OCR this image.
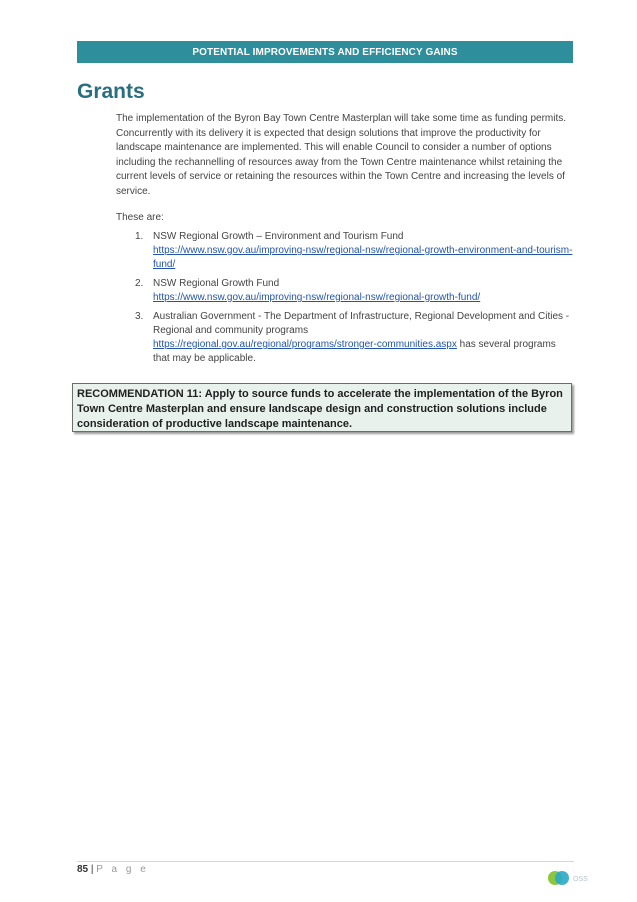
POTENTIAL IMPROVEMENTS AND EFFICIENCY GAINS
Grants

The implementation of the Byron Bay Town Centre Masterplan will take some time as funding permits. Concurrently with its delivery it is expected that design solutions that improve the productivity for landscape maintenance are implemented. This will enable Council to consider a number of options including the rechannelling of resources away from the Town Centre maintenance whilst retaining the current levels of service or retaining the resources within the Town Centre and increasing the levels of service.

These are:
1. NSW Regional Growth – Environment and Tourism Fund
https://www.nsw.gov.au/improving-nsw/regional-nsw/regional-growth-environment-and-tourism-fund/
2. NSW Regional Growth Fund
https://www.nsw.gov.au/improving-nsw/regional-nsw/regional-growth-fund/
3. Australian Government - The Department of Infrastructure, Regional Development and Cities - Regional and community programs
https://regional.gov.au/regional/programs/stronger-communities.aspx has several programs that may be applicable.
RECOMMENDATION 11: Apply to source funds to accelerate the implementation of the Byron Town Centre Masterplan and ensure landscape design and construction solutions include consideration of productive landscape maintenance.
85 | P a g e
OSS
